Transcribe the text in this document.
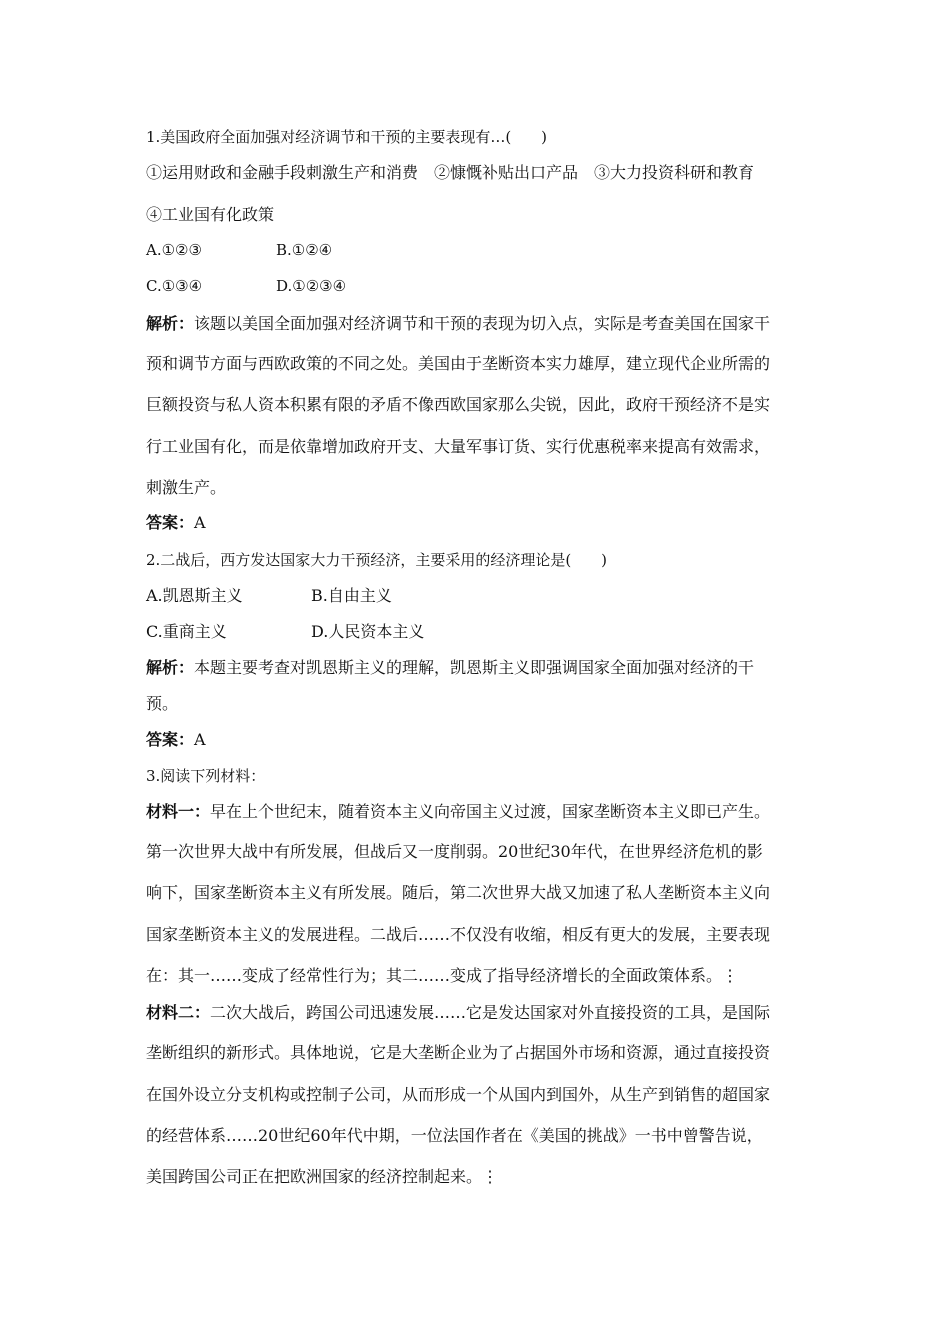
1.美国政府全面加强对经济调节和干预的主要表现有…(　　)
①运用财政和金融手段刺激生产和消费　②慷慨补贴出口产品　③大力投资科研和教育
④工业国有化政策
A.①②③	B.①②④
C.①③④	D.①②③④
解析：该题以美国全面加强对经济调节和干预的表现为切入点，实际是考查美国在国家干
预和调节方面与西欧政策的不同之处。美国由于垄断资本实力雄厚，建立现代企业所需的
巨额投资与私人资本积累有限的矛盾不像西欧国家那么尖锐，因此，政府干预经济不是实
行工业国有化，而是依靠增加政府开支、大量军事订货、实行优惠税率来提高有效需求，
刺激生产。
答案：A
2.二战后，西方发达国家大力干预经济，主要采用的经济理论是(　　)
A.凯恩斯主义	B.自由主义
C.重商主义	D.人民资本主义
解析：本题主要考查对凯恩斯主义的理解，凯恩斯主义即强调国家全面加强对经济的干
预。
答案：A
3.阅读下列材料：
材料一：早在上个世纪末，随着资本主义向帝国主义过渡，国家垄断资本主义即已产生。
第一次世界大战中有所发展，但战后又一度削弱。20世纪30年代，在世界经济危机的影
响下，国家垄断资本主义有所发展。随后，第二次世界大战又加速了私人垄断资本主义向
国家垄断资本主义的发展进程。二战后……不仅没有收缩，相反有更大的发展，主要表现
在：其一……变成了经常性行为；其二……变成了指导经济增长的全面政策体系。⋮
材料二：二次大战后，跨国公司迅速发展……它是发达国家对外直接投资的工具，是国际
垄断组织的新形式。具体地说，它是大垄断企业为了占据国外市场和资源，通过直接投资
在国外设立分支机构或控制子公司，从而形成一个从国内到国外，从生产到销售的超国家
的经营体系……20世纪60年代中期，一位法国作者在《美国的挑战》一书中曾警告说，
美国跨国公司正在把欧洲国家的经济控制起来。⋮
